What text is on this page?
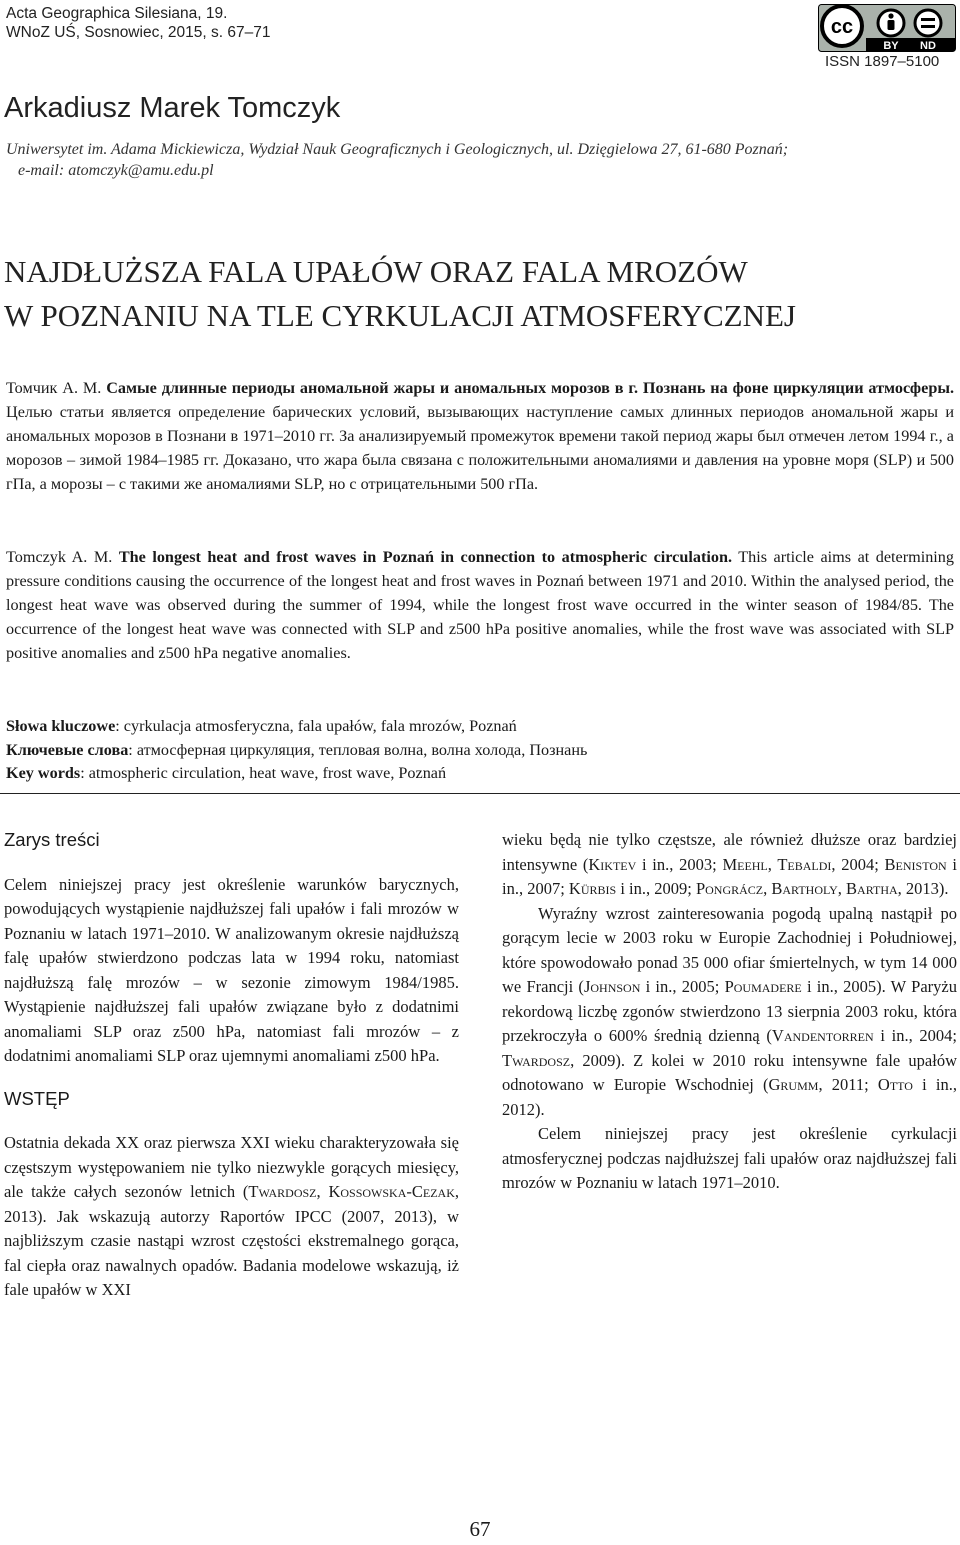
Acta Geographica Silesiana, 19.
WNoZ UŚ, Sosnowiec, 2015, s. 67–71	cc
BY ND
ISSN 1897–5100
Arkadiusz Marek Tomczyk
Uniwersytet im. Adama Mickiewicza, Wydział Nauk Geograficznych i Geologicznych, ul. Dzięgielowa 27, 61-680 Poznań;
e-mail: atomczyk@amu.edu.pl
NAJDŁUŻSZA FALA UPAŁÓW ORAZ FALA MROZÓW
W POZNANIU NA TLE CYRKULACJI ATMOSFERYCZNEJ
Томчик А. М. Самые длинные периоды аномальной жары и аномальных морозов в г. Познань на фоне циркуляции атмосферы. Целью статьи является определение барических условий, вызывающих наступление самых длинных периодов аномальной жары и аномальных морозов в Познани в 1971–2010 гг. За анализируемый промежуток времени такой период жары был отмечен летом 1994 г., а морозов – зимой 1984–1985 гг. Доказано, что жара была связана с положительными аномалиями и давления на уровне моря (SLP) и 500 гПа, а морозы – с такими же аномалиями SLP, но с отрицательными 500 гПа.
Tomczyk A. M. The longest heat and frost waves in Poznań in connection to atmospheric circulation. This article aims at determining pressure conditions causing the occurrence of the longest heat and frost waves in Poznań between 1971 and 2010. Within the analysed period, the longest heat wave was observed during the summer of 1994, while the longest frost wave occurred in the winter season of 1984/85. The occurrence of the longest heat wave was connected with SLP and z500 hPa positive anomalies, while the frost wave was associated with SLP positive anomalies and z500 hPa negative anomalies.
Słowa kluczowe: cyrkulacja atmosferyczna, fala upałów, fala mrozów, Poznań
Ключевые слова: атмосферная циркуляция, тепловая волна, волна холода, Познань
Key words: atmospheric circulation, heat wave, frost wave, Poznań

Zarys treści

Celem niniejszej pracy jest określenie warunków barycznych, powodujących wystąpienie najdłuższej fali upałów i fali mrozów w Poznaniu w latach 1971–2010. W analizowanym okresie najdłuższą falę upałów stwierdzono podczas lata w 1994 roku, natomiast najdłuższą falę mrozów – w sezonie zimowym 1984/1985. Wystąpienie najdłuższej fali upałów związane było z dodatnimi anomaliami SLP oraz z500 hPa, natomiast fali mrozów – z dodatnimi anomaliami SLP oraz ujemnymi anomaliami z500 hPa.

WSTĘP

Ostatnia dekada XX oraz pierwsza XXI wieku charakteryzowała się częstszym występowaniem nie tylko niezwykle gorących miesięcy, ale także całych sezonów letnich (Twardosz, Kossowska-Cezak, 2013). Jak wskazują autorzy Raportów IPCC (2007, 2013), w najbliższym czasie nastąpi wzrost częstości ekstremalnego gorąca, fal ciepła oraz nawalnych opadów. Badania modelowe wskazują, iż fale upałów w XXI

wieku będą nie tylko częstsze, ale również dłuższe oraz bardziej intensywne (Kiktev i in., 2003; Meehl, Tebaldi, 2004; Beniston i in., 2007; Kürbis i in., 2009; Pongrácz, Bartholy, Bartha, 2013).

Wyraźny wzrost zainteresowania pogodą upalną nastąpił po gorącym lecie w 2003 roku w Europie Zachodniej i Południowej, które spowodowało ponad 35 000 ofiar śmiertelnych, w tym 14 000 we Francji (Johnson i in., 2005; Poumadere i in., 2005). W Paryżu rekordową liczbę zgonów stwierdzono 13 sierpnia 2003 roku, która przekroczyła o 600% średnią dzienną (Vandentorren i in., 2004; Twardosz, 2009). Z kolei w 2010 roku intensywne fale upałów odnotowano w Europie Wschodniej (Grumm, 2011; Otto i in., 2012).

Celem niniejszej pracy jest określenie cyrkulacji atmosferycznej podczas najdłuższej fali upałów oraz najdłuższej fali mrozów w Poznaniu w latach 1971–2010.

67
